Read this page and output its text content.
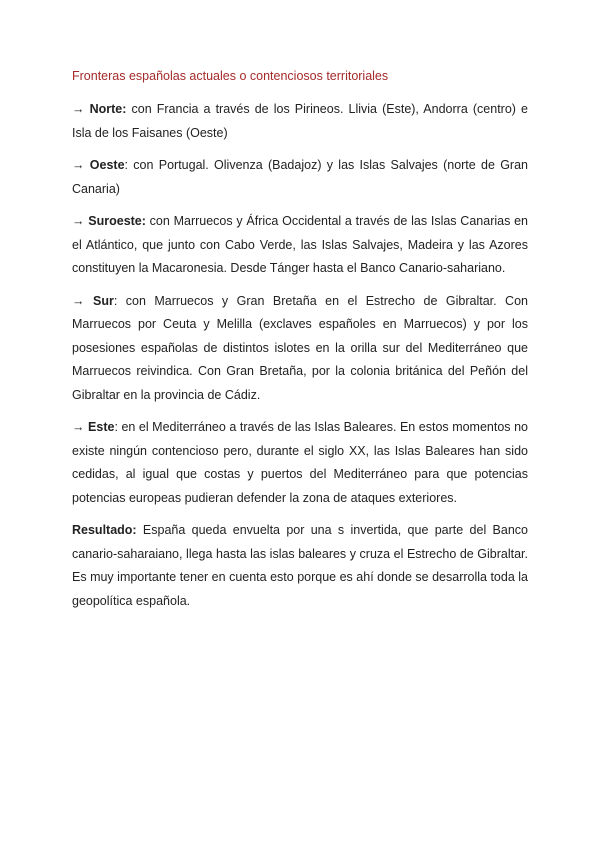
Fronteras españolas actuales o contenciosos territoriales

→ Norte: con Francia a través de los Pirineos. Llivia (Este), Andorra (centro) e Isla de los Faisanes (Oeste)

→ Oeste: con Portugal. Olivenza (Badajoz) y las Islas Salvajes (norte de Gran Canaria)

→ Suroeste: con Marruecos y África Occidental a través de las Islas Canarias en el Atlántico, que junto con Cabo Verde, las Islas Salvajes, Madeira y las Azores constituyen la Macaronesia. Desde Tánger hasta el Banco Canario-sahariano.

→ Sur: con Marruecos y Gran Bretaña en el Estrecho de Gibraltar. Con Marruecos por Ceuta y Melilla (exclaves españoles en Marruecos) y por los posesiones españolas de distintos islotes en la orilla sur del Mediterráneo que Marruecos reivindica. Con Gran Bretaña, por la colonia británica del Peñón del Gibraltar en la provincia de Cádiz.

→ Este: en el Mediterráneo a través de las Islas Baleares. En estos momentos no existe ningún contencioso pero, durante el siglo XX, las Islas Baleares han sido cedidas, al igual que costas y puertos del Mediterráneo para que potencias potencias europeas pudieran defender la zona de ataques exteriores.

Resultado: España queda envuelta por una s invertida, que parte del Banco canario-saharaiano, llega hasta las islas baleares y cruza el Estrecho de Gibraltar. Es muy importante tener en cuenta esto porque es ahí donde se desarrolla toda la geopolítica española.
